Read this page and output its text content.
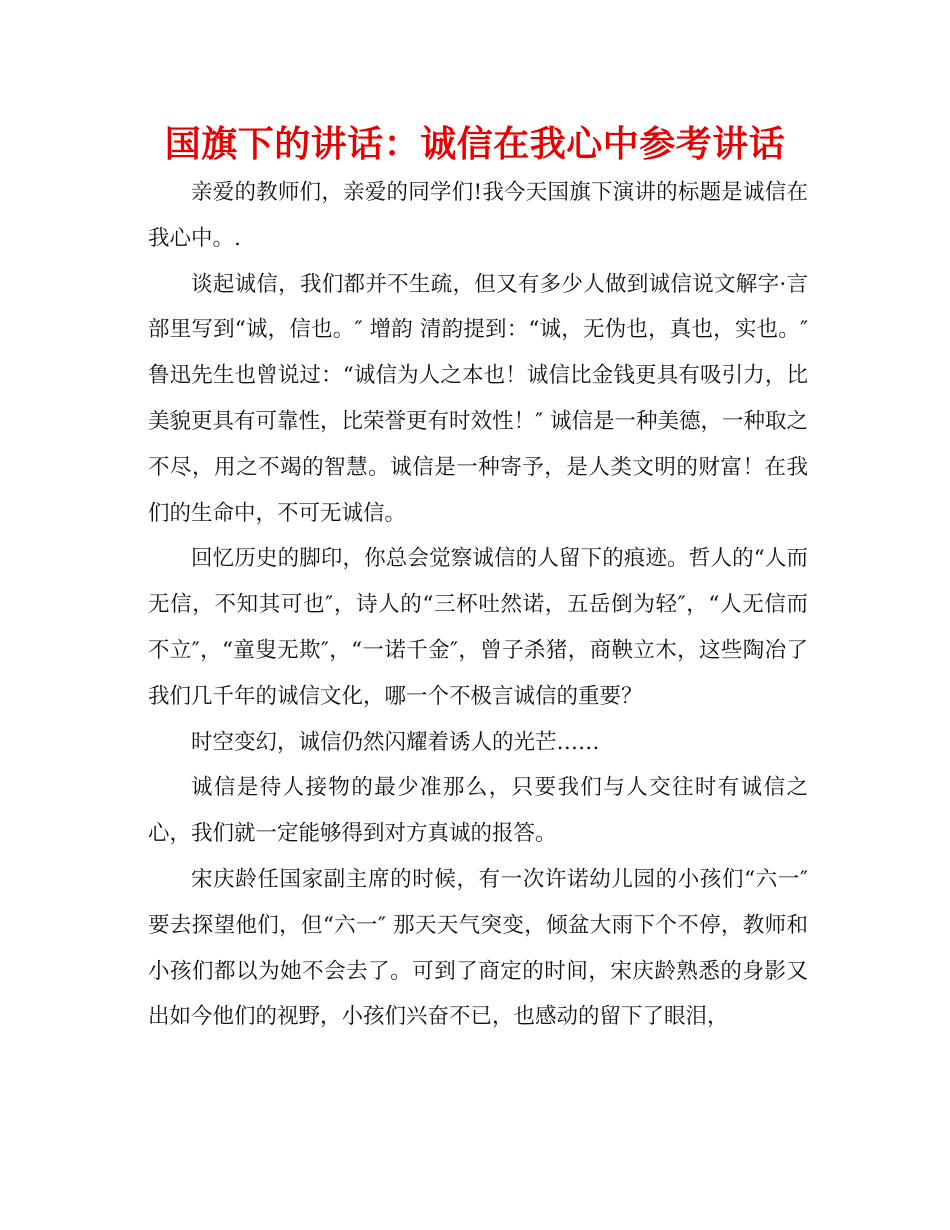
国旗下的讲话：诚信在我心中参考讲话

亲爱的教师们，亲爱的同学们!我今天国旗下演讲的标题是诚信在我心中。.

谈起诚信，我们都并不生疏，但又有多少人做到诚信说文解字·言部里写到“诚，信也。″ 增韵 清韵提到：“诚，无伪也，真也，实也。″ 鲁迅先生也曾说过：“诚信为人之本也！诚信比金钱更具有吸引力，比美貌更具有可靠性，比荣誉更有时效性！″ 诚信是一种美德，一种取之不尽，用之不竭的智慧。诚信是一种寄予，是人类文明的财富！在我们的生命中，不可无诚信。

回忆历史的脚印，你总会觉察诚信的人留下的痕迹。哲人的“人而无信，不知其可也″，诗人的“三杯吐然诺，五岳倒为轻″，“人无信而不立″，“童叟无欺″，“一诺千金″，曾子杀猪，商鞅立木，这些陶冶了我们几千年的诚信文化，哪一个不极言诚信的重要？

时空变幻，诚信仍然闪耀着诱人的光芒……

诚信是待人接物的最少准那么，只要我们与人交往时有诚信之心，我们就一定能够得到对方真诚的报答。

宋庆龄任国家副主席的时候，有一次许诺幼儿园的小孩们“六一″ 要去探望他们，但“六一″ 那天天气突变，倾盆大雨下个不停，教师和小孩们都以为她不会去了。可到了商定的时间，宋庆龄熟悉的身影又出如今他们的视野，小孩们兴奋不已，也感动的留下了眼泪，
